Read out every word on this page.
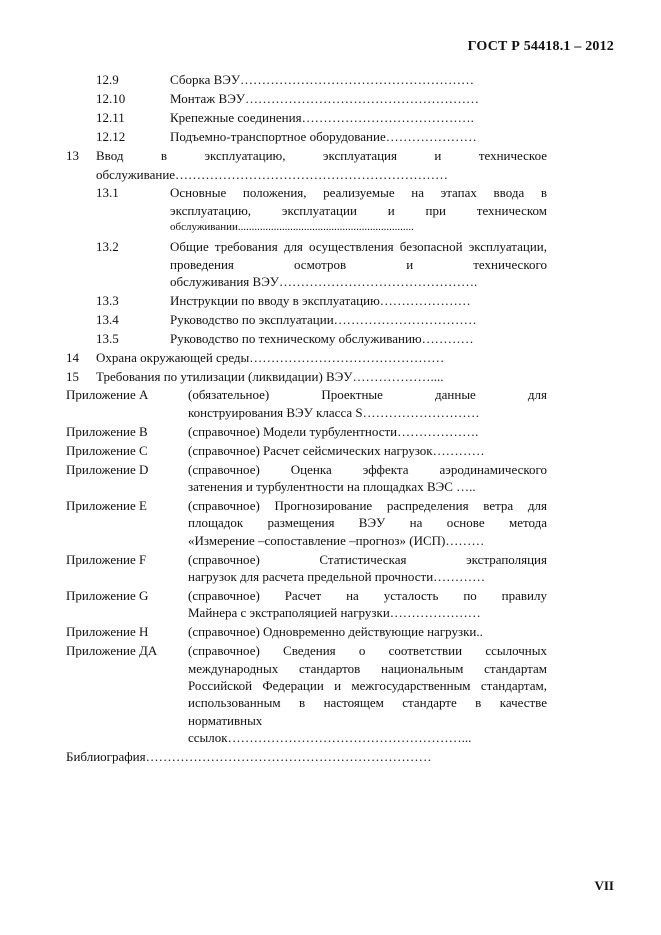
ГОСТ Р 54418.1 – 2012
12.9	Сборка ВЭУ………………………………………………
12.10	Монтаж ВЭУ………………………………………………
12.11	Крепежные соединения………………………………….
12.12	Подъемно-транспортное оборудование…………………
13	Ввод в эксплуатацию, эксплуатация и техническое
обслуживание………………………………………………………
13.1	Основные положения, реализуемые на этапах ввода в эксплуатацию, эксплуатации и при техническом
обслуживании................................................................
13.2	Общие требования для осуществления безопасной эксплуатации, проведения осмотров и технического
обслуживания ВЭУ……………………………………….
13.3	Инструкции по вводу в эксплуатацию…………………
13.4	Руководство по эксплуатации……………………………
13.5	Руководство по техническому обслуживанию…………
14	Охрана окружающей среды………………………………………
15	Требования по утилизации (ликвидации) ВЭУ………………....
Приложение А	(обязательное) Проектные данные для
конструирования ВЭУ класса S………………………
Приложение В	(справочное) Модели турбулентности……………….
Приложение С	(справочное) Расчет сейсмических нагрузок…………
Приложение D	(справочное) Оценка эффекта аэродинамического
затенения и турбулентности на площадках ВЭС …..
Приложение Е	(справочное) Прогнозирование распределения ветра для площадок размещения ВЭУ на основе метода
«Измерение –сопоставление –прогноз» (ИСП)………
Приложение F	(справочное) Статистическая экстраполяция
нагрузок для расчета предельной прочности…………
Приложение G	(справочное) Расчет на усталость по правилу
Майнера с экстраполяцией нагрузки…………………
Приложение H	(справочное) Одновременно действующие нагрузки..
Приложение ДА	(справочное) Сведения о соответствии ссылочных международных стандартов национальным стандартам Российской Федерации и межгосударственным стандартам, использованным в настоящем стандарте в качестве нормативных
ссылок………………………………………………...
Библиография…………………………………………………………
VII
